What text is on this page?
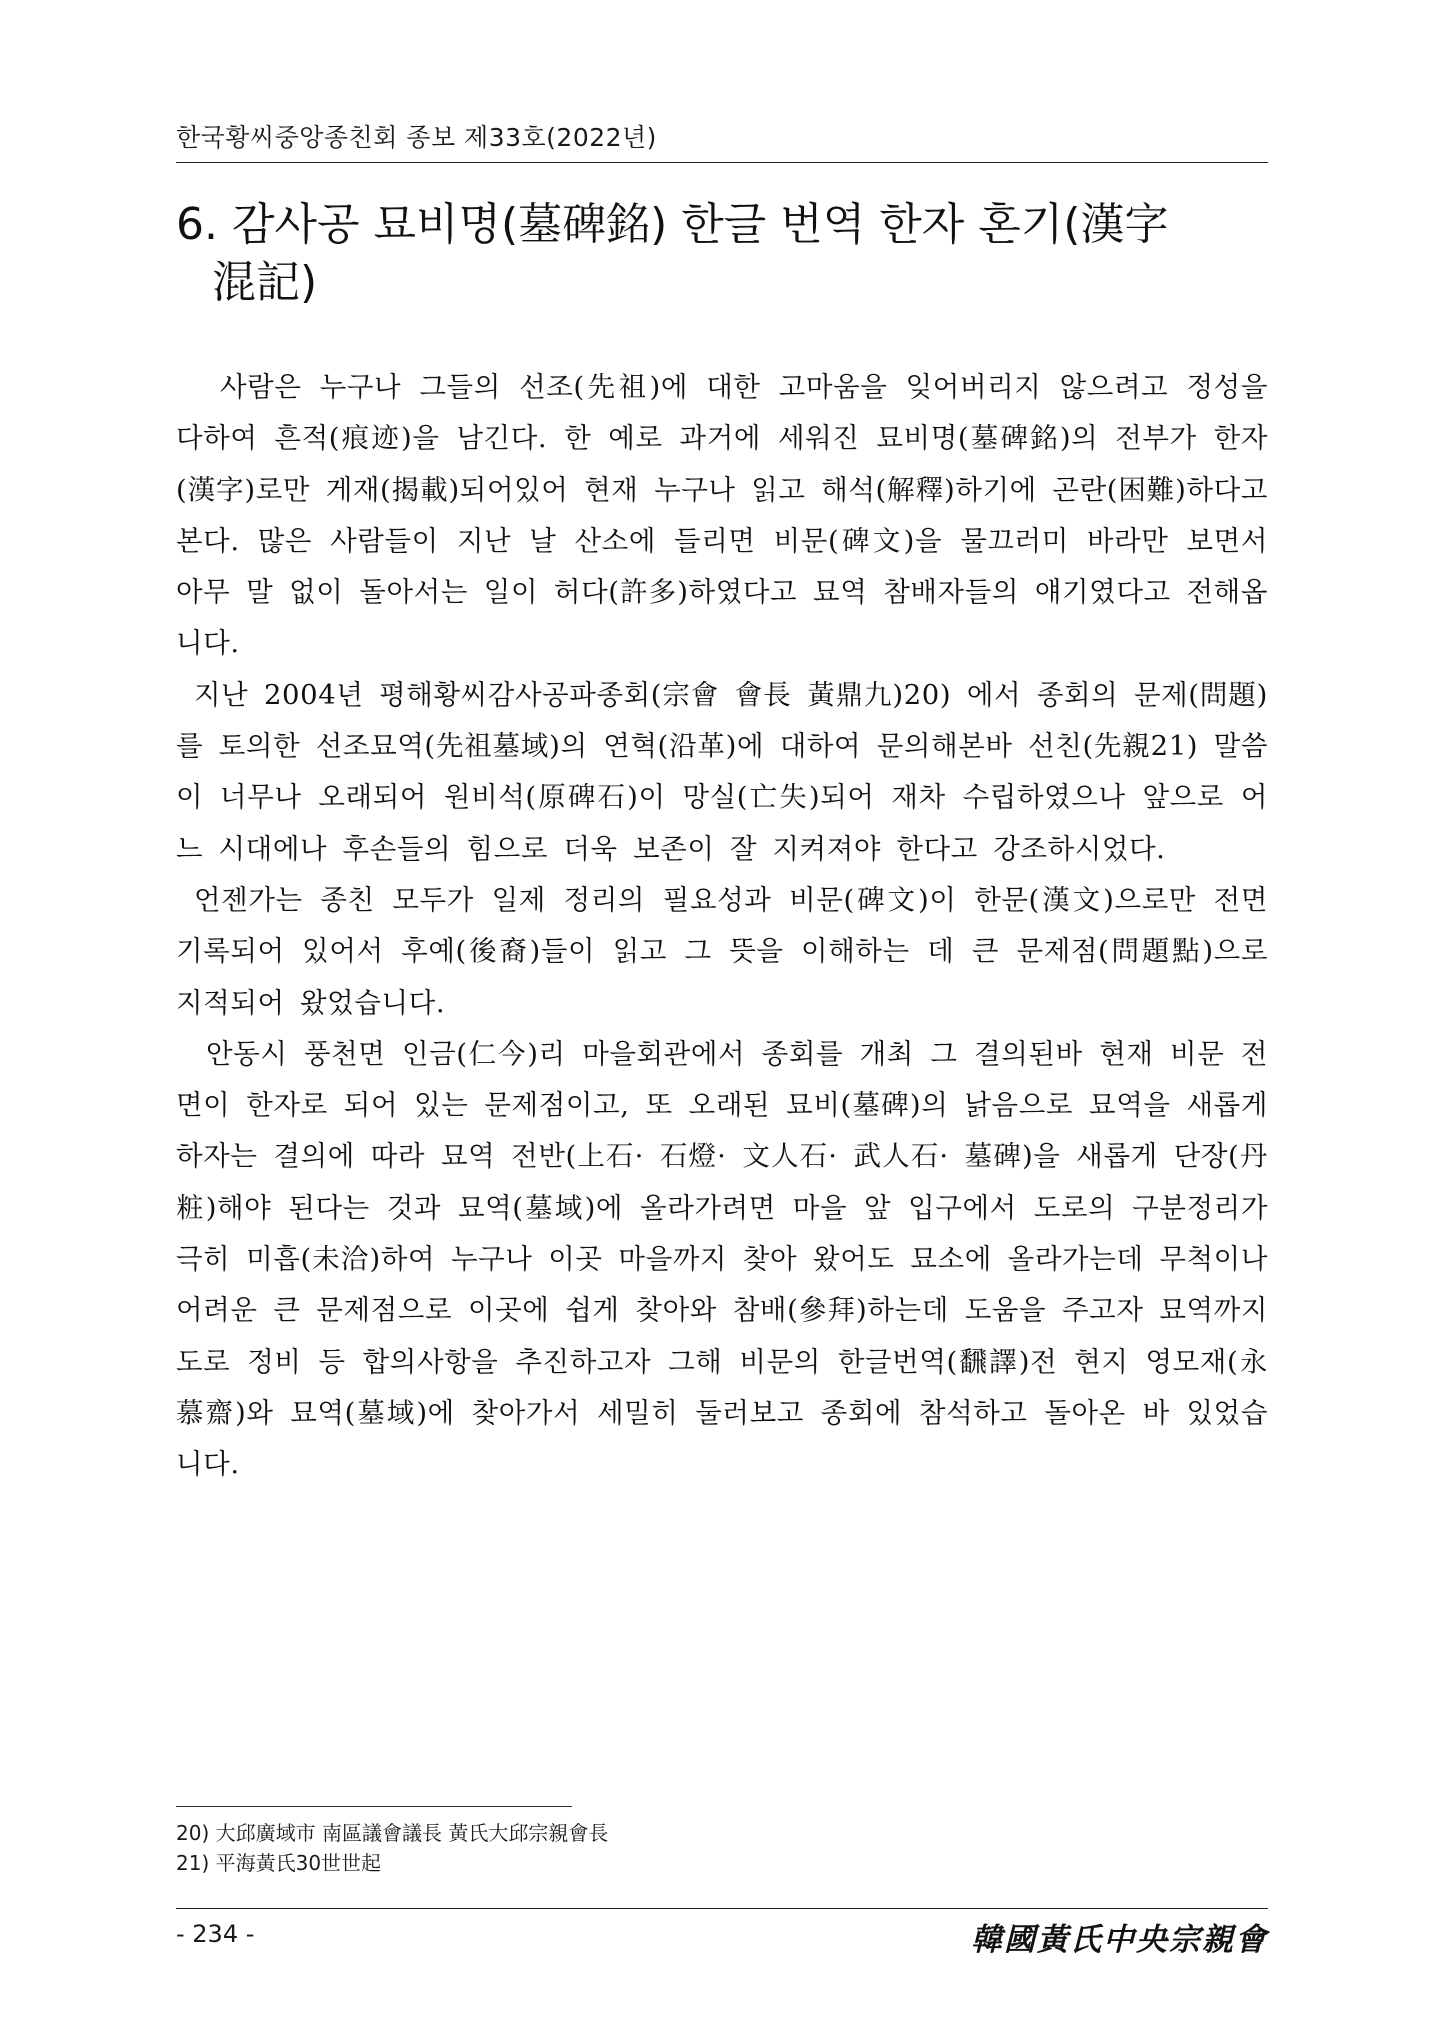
한국황씨중앙종친회 종보 제33호(2022년)
6. 감사공 묘비명(墓碑銘) 한글 번역 한자 혼기(漢字
混記)

사람은 누구나 그들의 선조(先祖)에 대한 고마움을 잊어버리지 않으려고 정성을 다하여 흔적(痕迹)을 남긴다. 한 예로 과거에 세워진 묘비명(墓碑銘)의 전부가 한자(漢字)로만 게재(揭載)되어있어 현재 누구나 읽고 해석(解釋)하기에 곤란(困難)하다고 본다. 많은 사람들이 지난 날 산소에 들리면 비문(碑文)을 물끄러미 바라만 보면서 아무 말 없이 돌아서는 일이 허다(許多)하였다고 묘역 참배자들의 얘기였다고 전해옵니다.

지난 2004년 평해황씨감사공파종회(宗會 會長 黃鼎九)20) 에서 종회의 문제(問題)를 토의한 선조묘역(先祖墓域)의 연혁(沿革)에 대하여 문의해본바 선친(先親21) 말씀이 너무나 오래되어 원비석(原碑石)이 망실(亡失)되어 재차 수립하였으나 앞으로 어느 시대에나 후손들의 힘으로 더욱 보존이 잘 지켜져야 한다고 강조하시었다.

언젠가는 종친 모두가 일제 정리의 필요성과 비문(碑文)이 한문(漢文)으로만 전면 기록되어 있어서 후예(後裔)들이 읽고 그 뜻을 이해하는 데 큰 문제점(問題點)으로 지적되어 왔었습니다.

안동시 풍천면 인금(仁今)리 마을회관에서 종회를 개최 그 결의된바 현재 비문 전면이 한자로 되어 있는 문제점이고, 또 오래된 묘비(墓碑)의 낡음으로 묘역을 새롭게 하자는 결의에 따라 묘역 전반(上石· 石燈· 文人石· 武人石· 墓碑)을 새롭게 단장(丹粧)해야 된다는 것과 묘역(墓域)에 올라가려면 마을 앞 입구에서 도로의 구분정리가 극히 미흡(未洽)하여 누구나 이곳 마을까지 찾아 왔어도 묘소에 올라가는데 무척이나 어려운 큰 문제점으로 이곳에 쉽게 찾아와 참배(參拜)하는데 도움을 주고자 묘역까지 도로 정비 등 합의사항을 추진하고자 그해 비문의 한글번역(飜譯)전 현지 영모재(永慕齋)와 묘역(墓域)에 찾아가서 세밀히 둘러보고 종회에 참석하고 돌아온 바 있었습니다.

20) 大邱廣域市 南區議會議長 黃氏大邱宗親會長
21) 平海黃氏30世世起
- 234 -	韓國黃氏中央宗親會
